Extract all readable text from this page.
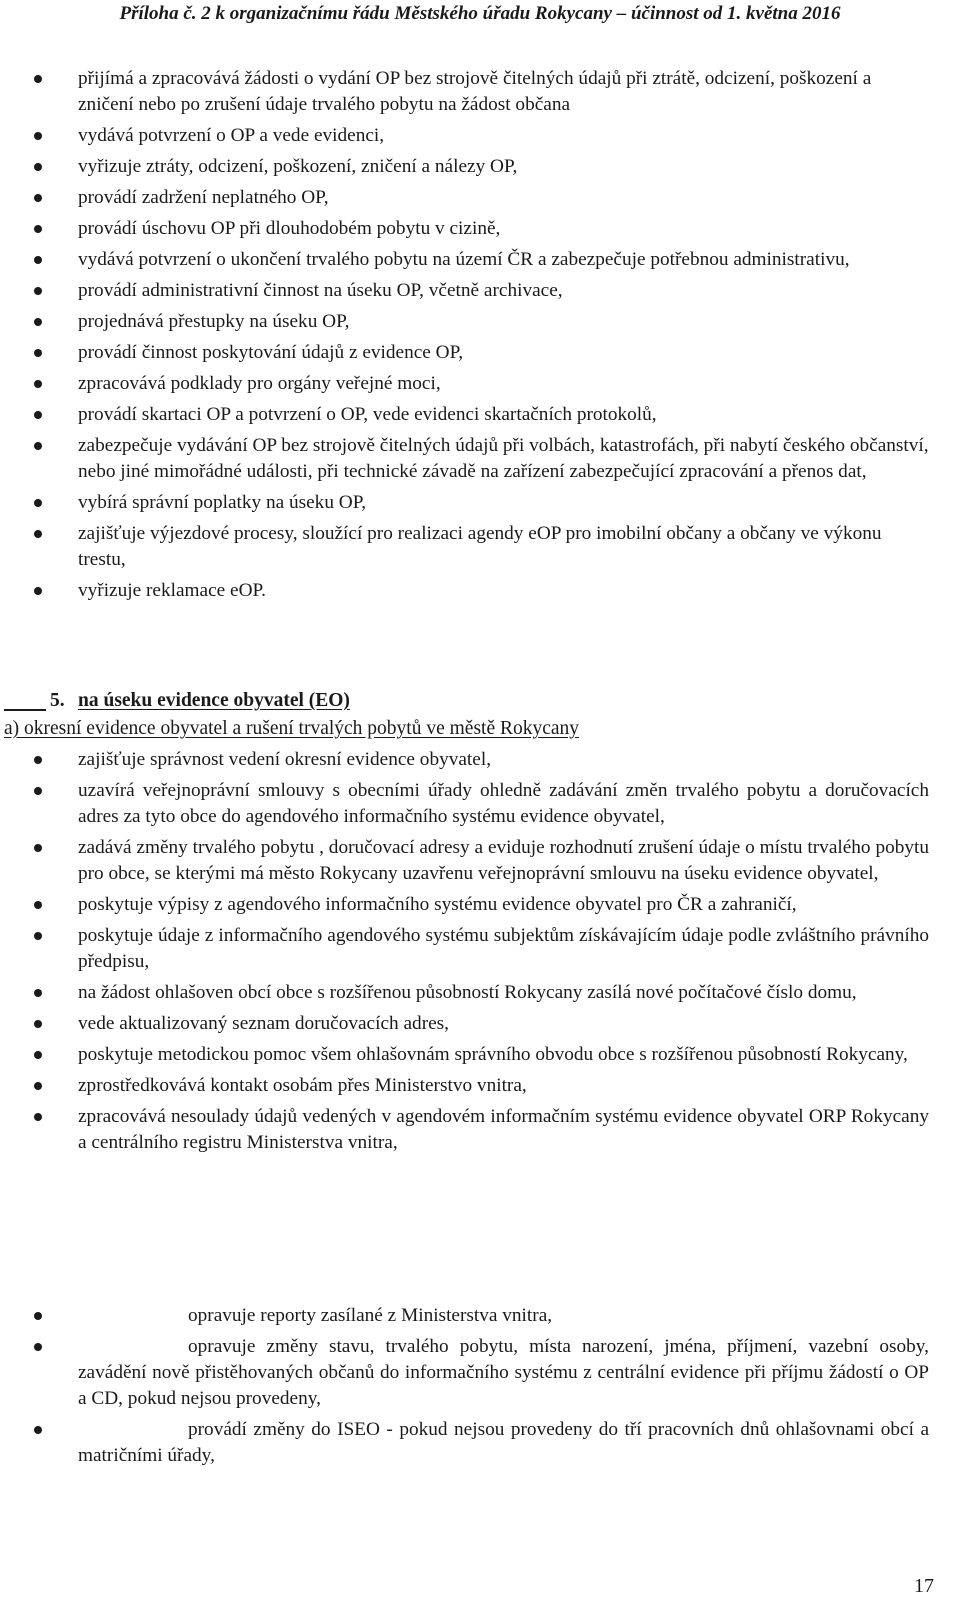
Příloha č. 2 k organizačnímu řádu Městského úřadu Rokycany – účinnost od 1. května 2016
přijímá a zpracovává žádosti o vydání OP bez strojově čitelných údajů při ztrátě, odcizení, poškození a zničení nebo po zrušení údaje trvalého pobytu na žádost občana
vydává potvrzení o OP a vede evidenci,
vyřizuje ztráty, odcizení, poškození, zničení a nálezy OP,
provádí zadržení neplatného OP,
provádí úschovu OP při dlouhodobém pobytu v cizině,
vydává potvrzení o ukončení trvalého pobytu na území ČR a zabezpečuje potřebnou administrativu,
provádí administrativní činnost na úseku OP, včetně archivace,
projednává přestupky na úseku OP,
provádí činnost poskytování údajů z evidence OP,
zpracovává podklady pro orgány veřejné moci,
provádí skartaci OP a potvrzení o OP, vede evidenci skartačních protokolů,
zabezpečuje vydávání OP bez strojově čitelných údajů při volbách, katastrofách, při nabytí českého občanství, nebo jiné mimořádné události, při technické závadě na zařízení zabezpečující zpracování a přenos dat,
vybírá správní poplatky na úseku OP,
zajišťuje výjezdové procesy, sloužící pro realizaci agendy eOP pro imobilní občany a občany ve výkonu trestu,
vyřizuje reklamace eOP.
5. na úseku evidence obyvatel (EO)
a) okresní evidence obyvatel a rušení trvalých pobytů ve městě Rokycany
zajišťuje správnost vedení okresní evidence obyvatel,
uzavírá veřejnoprávní smlouvy s obecními úřady ohledně zadávání změn trvalého pobytu a doručovacích adres za tyto obce do agendového informačního systému evidence obyvatel,
zadává změny trvalého pobytu , doručovací adresy a eviduje rozhodnutí zrušení údaje o místu trvalého pobytu pro obce, se kterými má město Rokycany uzavřenu veřejnoprávní smlouvu na úseku evidence obyvatel,
poskytuje výpisy z agendového informačního systému evidence obyvatel pro ČR a zahraničí,
poskytuje údaje z informačního agendového systému subjektům získávajícím údaje podle zvláštního právního předpisu,
na žádost ohlašoven obcí obce s rozšířenou působností Rokycany zasílá nové počítačové číslo domu,
vede aktualizovaný seznam doručovacích adres,
poskytuje metodickou pomoc všem ohlašovnám správního obvodu obce s rozšířenou působností Rokycany,
zprostředkovává kontakt osobám přes Ministerstvo vnitra,
zpracovává nesoulady údajů vedených v agendovém informačním systému evidence obyvatel ORP Rokycany a centrálního registru Ministerstva vnitra,
opravuje reporty zasílané z Ministerstva vnitra,
opravuje změny stavu, trvalého pobytu, místa narození, jména, příjmení, vazební osoby, zavádění nově přistěhovaných občanů do informačního systému z centrální evidence při příjmu žádostí o OP a CD, pokud nejsou provedeny,
provádí změny do ISEO - pokud nejsou provedeny do tří pracovních dnů ohlašovnami obcí a matričními úřady,
17
